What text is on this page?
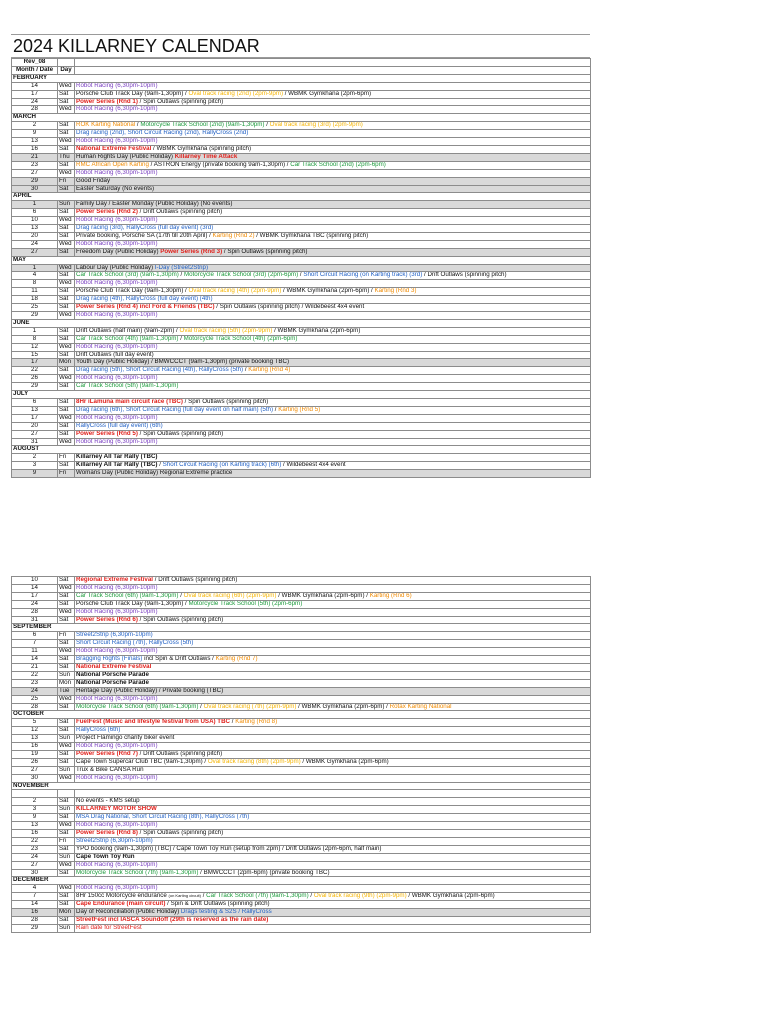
2024 KILLARNEY CALENDAR
Rev_08		
Month / Date	Day	
FEBRUARY		
14	Wed	Robot Racing (6,30pm-10pm)
17	Sat	Porsche Club Track Day (9am-1,30pm) / Oval track racing (2nd) (2pm-9pm) / WBMK Gymkhana (2pm-6pm)
24	Sat	Power Series (Rnd 1) / Spin Outlaws (spinning pitch)
28	Wed	Robot Racing (6,30pm-10pm)
MARCH		
2	Sat	ROK Karting National / Motorcycle Track School (2nd) (9am-1,30pm) / Oval track racing (3rd) (2pm-9pm)
9	Sat	Drag racing (2nd), Short Circuit Racing (2nd), RallyCross (2nd)
13	Wed	Robot Racing (6,30pm-10pm)
16	Sat	National Extreme Festival / WBMK Gymkhana (spinning pitch)
21	Thu	Human Rights Day (Public Holiday) Killarney Time Attack
23	Sat	RMC African Open Karting / ASTRON Energy (private booking 9am-1,30pm) / Car Track School (2nd) (2pm-6pm)
27	Wed	Robot Racing (6,30pm-10pm)
29	Fri	Good Friday
30	Sat	Easter Saturday (No events)
APRIL		
1	Sun	Family Day / Easter Monday (Public Holiday) (No events)
6	Sat	Power Series (Rnd 2) / Drift Outlaws (spinning pitch)
10	Wed	Robot Racing (6,30pm-10pm)
13	Sat	Drag racing (3rd), RallyCross (full day event) (3rd)
20	Sat	Private booking, Porsche SA (17th till 20th April) / Karting (Rnd 2) / WBMK Gymkhana TBC (spinning pitch)
24	Wed	Robot Racing (6,30pm-10pm)
27	Sat	Freedom Day (Public Holiday) Power Series (Rnd 3) / Spin Outlaws (spinning pitch)
MAY		
1	Wed	Labour Day (Public Holiday) I-Day (Street2Strip)
4	Sat	Car Track School (3rd) (9am-1,30pm) / Motorcycle Track School (3rd) (2pm-6pm) / Short Circuit Racing (on Karting track) (3rd) / Drift Outlaws (spinning pitch)
8	Wed	Robot Racing (6,30pm-10pm)
11	Sat	Porsche Club Track Day (9am-1,30pm) / Oval track racing (4th) (2pm-9pm) / WBMK Gymkhana (2pm-6pm) / Karting (Rnd 3)
18	Sat	Drag racing (4th), RallyCross (full day event) (4th)
25	Sat	Power Series (Rnd 4) incl Ford & Friends (TBC) / Spin Outlaws (spinning pitch) / Wildebeest 4x4 event
29	Wed	Robot Racing (6,30pm-10pm)
JUNE		
1	Sat	Drift Outlaws (half main) (9am-2pm) / Oval track racing (5th) (2pm-9pm) / WBMK Gymkhana (2pm-6pm)
8	Sat	Car Track School (4th) (9am-1,30pm) / Motorcycle Track School (4th) (2pm-6pm)
12	Wed	Robot Racing (6,30pm-10pm)
15	Sat	Drift Outlaws (full day event)
17	Mon	Youth Day (Public Holiday) / BMWCCCT (9am-1,30pm) (private booking TBC)
22	Sat	Drag racing (5th), Short Circuit Racing (4th), RallyCross (5th) / Karting (Rnd 4)
26	Wed	Robot Racing (6,30pm-10pm)
29	Sat	Car Track School (5th) (9am-1,30pm)
JULY		
6	Sat	8Hr iLamuna main circuit race (TBC) / Spin Outlaws (spinning pitch)
13	Sat	Drag racing (6th), Short Circuit Racing (full day event on half main) (5th) / Karting (Rnd 5)
17	Wed	Robot Racing (6,30pm-10pm)
20	Sat	RallyCross (full day event) (6th)
27	Sat	Power Series (Rnd 5) / Spin Outlaws (spinning pitch)
31	Wed	Robot Racing (6,30pm-10pm)
AUGUST		
2	Fri	Killarney All Tar Rally (TBC)
3	Sat	Killarney All Tar Rally (TBC) / Short Circuit Racing (on Karting track) (6th) / Wildebeest 4x4 event
9	Fri	Womans Day (Public Holiday) Regional Extreme practice
10	Sat	Regional Extreme Festival / Drift Outlaws (spinning pitch)
14	Wed	Robot Racing (6,30pm-10pm)
17	Sat	Car Track School (6th) (9am-1,30pm) / Oval track racing (6th) (2pm-9pm) / WBMK Gymkhana (2pm-6pm) / Karting (Rnd 6)
24	Sat	Porsche Club Track Day (9am-1,30pm) / Motorcycle Track School (5th) (2pm-6pm)
28	Wed	Robot Racing (6,30pm-10pm)
31	Sat	Power Series (Rnd 6) / Spin Outlaws (spinning pitch)
SEPTEMBER		
6	Fri	Street2Strip (6,30pm-10pm)
7	Sat	Short Circuit Racing (7th), RallyCross (5th)
11	Wed	Robot Racing (6,30pm-10pm)
14	Sat	Bragging Rights (Finals) incl Spin & Drift Outlaws / Karting (Rnd 7)
21	Sat	National Extreme Festival
22	Sun	National Porsche Parade
23	Mon	National Porsche Parade
24	Tue	Heritage Day (Public Holiday) / Private booking (TBC)
25	Wed	Robot Racing (6,30pm-10pm)
28	Sat	Motorcycle Track School (6th) (9am-1,30pm) / Oval track racing (7th) (2pm-9pm) / WBMK Gymkhana (2pm-6pm) / Rotax Karting National
OCTOBER		
5	Sat	FuelFest (Music and lifestyle festival from USA) TBC / Karting (Rnd 8)
12	Sat	RallyCross (6th)
13	Sun	Project Flamingo charity biker event
16	Wed	Robot Racing (6,30pm-10pm)
19	Sat	Power Series (Rnd 7) / Drift Outlaws (spinning pitch)
26	Sat	Cape Town Supercar Club TBC (9am-1,30pm) / Oval track racing (8th) (2pm-9pm) / WBMK Gymkhana (2pm-6pm)
27	Sun	Trux & Bike CANSA Run
30	Wed	Robot Racing (6,30pm-10pm)
NOVEMBER		

2	Sat	No events - KMS setup
3	Sun	KILLARNEY MOTOR SHOW
9	Sat	MSA Drag National, Short Circuit Racing (8th), RallyCross (7th)
13	Wed	Robot Racing (6,30pm-10pm)
16	Sat	Power Series (Rnd 8) / Spin Outlaws (spinning pitch)
22	Fri	Street2Strip (6,30pm-10pm)
23	Sat	YPO booking (9am-1,30pm) (TBC) / Cape Town Toy Run (setup from 2pm) / Drift Outlaws (2pm-6pm, half main)
24	Sun	Cape Town Toy Run
27	Wed	Robot Racing (6,30pm-10pm)
30	Sat	Motorcycle Track School (7th) (9am-1,30pm) / BMWCCCT (2pm-6pm) (private booking TBC)
DECEMBER		
4	Wed	Robot Racing (6,30pm-10pm)
7	Sat	8Hr 150cc Motorcycle endurance (on Karting circuit) / Car Track School (7th) (9am-1,30pm) / Oval track racing (9th) (2pm-9pm) / WBMK Gymkhana (2pm-6pm)
14	Sat	Cape Endurance (main circuit) / Spin & Drift Outlaws (spinning pitch)
16	Mon	Day of Reconciliation (Public Holiday) Drags testing & S2S / RallyCross
28	Sat	StreetFest incl IASCA Soundoff (29th is reserved as the rain date)
29	Sun	Rain date for StreetFest
